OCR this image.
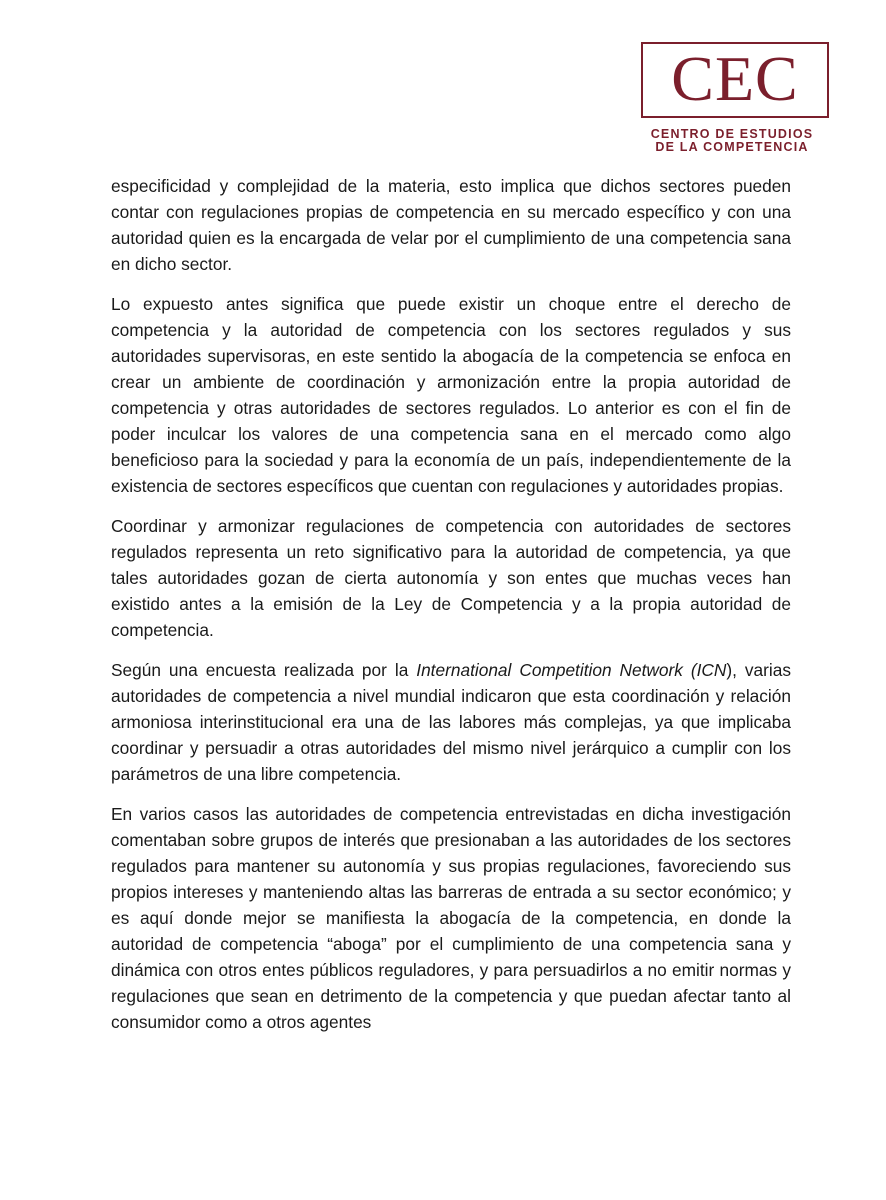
CEC
CENTRO DE ESTUDIOS
DE LA COMPETENCIA

especificidad y complejidad de la materia, esto implica que dichos sectores pueden contar con regulaciones propias de competencia en su mercado específico y con una autoridad quien es la encargada de velar por el cumplimiento de una competencia sana en dicho sector.

Lo expuesto antes significa que puede existir un choque entre el derecho de competencia y la autoridad de competencia con los sectores regulados y sus autoridades supervisoras, en este sentido la abogacía de la competencia se enfoca en crear un ambiente de coordinación y armonización entre la propia autoridad de competencia y otras autoridades de sectores regulados. Lo anterior es con el fin de poder inculcar los valores de una competencia sana en el mercado como algo beneficioso para la sociedad y para la economía de un país, independientemente de la existencia de sectores específicos que cuentan con regulaciones y autoridades propias.

Coordinar y armonizar regulaciones de competencia con autoridades de sectores regulados representa un reto significativo para la autoridad de competencia, ya que tales autoridades gozan de cierta autonomía y son entes que muchas veces han existido antes a la emisión de la Ley de Competencia y a la propia autoridad de competencia.

Según una encuesta realizada por la International Competition Network (ICN), varias autoridades de competencia a nivel mundial indicaron que esta coordinación y relación armoniosa interinstitucional era una de las labores más complejas, ya que implicaba coordinar y persuadir a otras autoridades del mismo nivel jerárquico a cumplir con los parámetros de una libre competencia.

En varios casos las autoridades de competencia entrevistadas en dicha investigación comentaban sobre grupos de interés que presionaban a las autoridades de los sectores regulados para mantener su autonomía y sus propias regulaciones, favoreciendo sus propios intereses y manteniendo altas las barreras de entrada a su sector económico; y es aquí donde mejor se manifiesta la abogacía de la competencia, en donde la autoridad de competencia “aboga” por el cumplimiento de una competencia sana y dinámica con otros entes públicos reguladores, y para persuadirlos a no emitir normas y regulaciones que sean en detrimento de la competencia y que puedan afectar tanto al consumidor como a otros agentes
